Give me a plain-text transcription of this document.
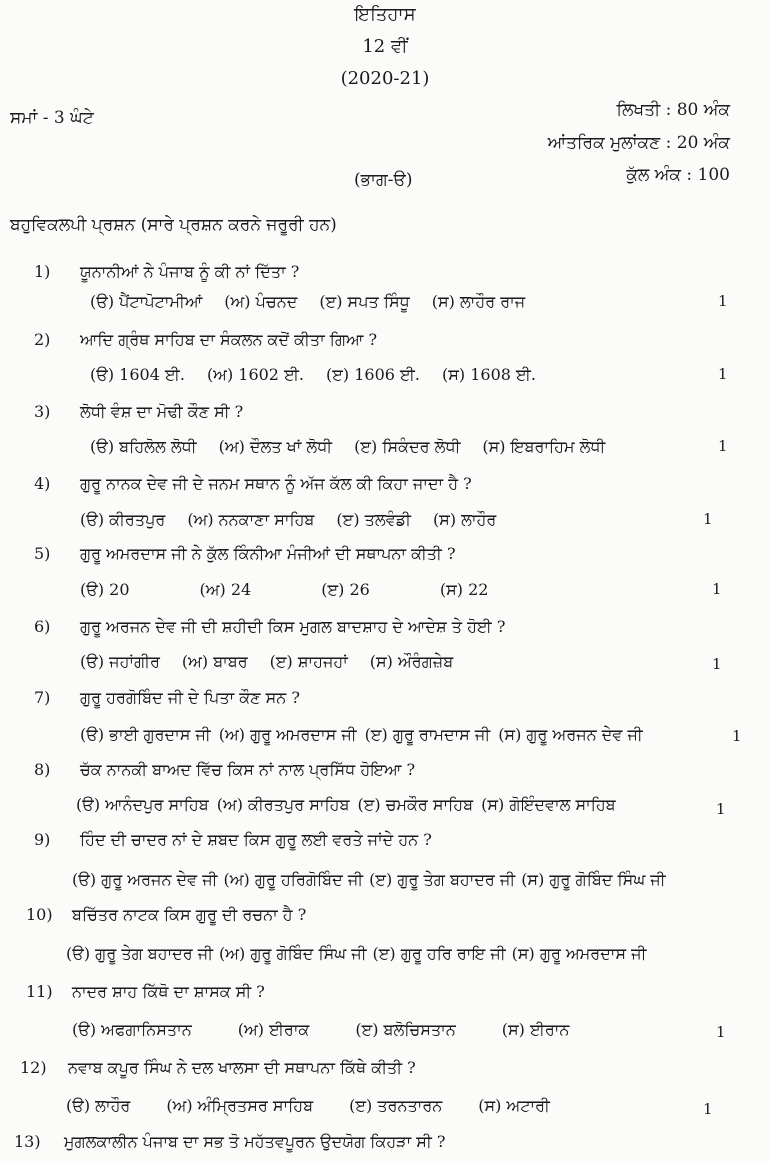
ਇਤਿਹਾਸ
12 ਵੀਂ
(2020-21)
ਸਮਾਂ - 3 ਘੰਟੇ	ਲਿਖਤੀ : 80 ਅੰਕ
ਆਂਤਰਿਕ ਮੁਲਾਂਕਣ : 20 ਅੰਕ
(ਭਾਗ-ੳ)	ਕੁੱਲ ਅੰਕ : 100
ਬਹੁਵਿਕਲਪੀ ਪ੍ਰਸ਼ਨ (ਸਾਰੇ ਪ੍ਰਸ਼ਨ ਕਰਨੇ ਜਰੂਰੀ ਹਨ)
1)	ਯੂਨਾਨੀਆਂ ਨੇ ਪੰਜਾਬ ਨੂੰ ਕੀ ਨਾਂ ਦਿੱਤਾ ?
(ੳ) ਪੈਂਟਾਪੋਟਾਮੀਆਂ (ਅ) ਪੰਚਨਦ (ੲ) ਸਪਤ ਸਿੰਧੂ (ਸ) ਲਾਹੌਰ ਰਾਜ	1
2)	ਆਦਿ ਗ੍ਰੰਥ ਸਾਹਿਬ ਦਾ ਸੰਕਲਨ ਕਦੋਂ ਕੀਤਾ ਗਿਆ ?
(ੳ) 1604 ਈ. (ਅ) 1602 ਈ. (ੲ) 1606 ਈ. (ਸ) 1608 ਈ.	1
3)	ਲੋਧੀ ਵੰਸ਼ ਦਾ ਮੋਢੀ ਕੌਣ ਸੀ ?
(ੳ) ਬਹਿਲੋਲ ਲੋਧੀ (ਅ) ਦੌਲਤ ਖਾਂ ਲੋਧੀ (ੲ) ਸਿਕੰਦਰ ਲੋਧੀ (ਸ) ਇਬਰਾਹਿਮ ਲੋਧੀ	1
4)	ਗੁਰੂ ਨਾਨਕ ਦੇਵ ਜੀ ਦੇ ਜਨਮ ਸਥਾਨ ਨੂੰ ਅੱਜ ਕੱਲ ਕੀ ਕਿਹਾ ਜਾਦਾ ਹੈ ?
(ੳ) ਕੀਰਤਪੁਰ (ਅ) ਨਨਕਾਣਾ ਸਾਹਿਬ (ੲ) ਤਲਵੰਡੀ (ਸ) ਲਾਹੌਰ	1
5)	ਗੁਰੂ ਅਮਰਦਾਸ ਜੀ ਨੇ ਕੁੱਲ ਕਿੰਨੀਆ ਮੰਜੀਆਂ ਦੀ ਸਥਾਪਨਾ ਕੀਤੀ ?
(ੳ) 20	(ਅ) 24	(ੲ) 26	(ਸ) 22	1
6)	ਗੁਰੂ ਅਰਜਨ ਦੇਵ ਜੀ ਦੀ ਸ਼ਹੀਦੀ ਕਿਸ ਮੁਗਲ ਬਾਦਸ਼ਾਹ ਦੇ ਆਦੇਸ਼ ਤੇ ਹੋਈ ?
(ੳ) ਜਹਾਂਗੀਰ (ਅ) ਬਾਬਰ (ੲ) ਸ਼ਾਹਜਹਾਂ (ਸ) ਔਰੰਗਜ਼ੇਬ	1
7)	ਗੁਰੂ ਹਰਗੋਬਿੰਦ ਜੀ ਦੇ ਪਿਤਾ ਕੌਣ ਸਨ ?
(ੳ) ਭਾਈ ਗੁਰਦਾਸ ਜੀ (ਅ) ਗੁਰੂ ਅਮਰਦਾਸ ਜੀ (ੲ) ਗੁਰੂ ਰਾਮਦਾਸ ਜੀ (ਸ) ਗੁਰੂ ਅਰਜਨ ਦੇਵ ਜੀ	1
8)	ਚੱਕ ਨਾਨਕੀ ਬਾਅਦ ਵਿੱਚ ਕਿਸ ਨਾਂ ਨਾਲ ਪ੍ਰਸਿੱਧ ਹੋਇਆ ?
(ੳ) ਆਨੰਦਪੁਰ ਸਾਹਿਬ (ਅ) ਕੀਰਤਪੁਰ ਸਾਹਿਬ (ੲ) ਚਮਕੌਰ ਸਾਹਿਬ (ਸ) ਗੋਇੰਦਵਾਲ ਸਾਹਿਬ	1
9)	ਹਿੰਦ ਦੀ ਚਾਦਰ ਨਾਂ ਦੇ ਸ਼ਬਦ ਕਿਸ ਗੁਰੂ ਲਈ ਵਰਤੇ ਜਾਂਦੇ ਹਨ ?
(ੳ) ਗੁਰੂ ਅਰਜਨ ਦੇਵ ਜੀ (ਅ) ਗੁਰੂ ਹਰਿਗੋਬਿੰਦ ਜੀ (ੲ) ਗੁਰੂ ਤੇਗ ਬਹਾਦਰ ਜੀ (ਸ) ਗੁਰੂ ਗੋਬਿੰਦ ਸਿੰਘ ਜੀ
10)	ਬਚਿੱਤਰ ਨਾਟਕ ਕਿਸ ਗੁਰੂ ਦੀ ਰਚਨਾ ਹੈ ?
(ੳ) ਗੁਰੂ ਤੇਗ ਬਹਾਦਰ ਜੀ (ਅ) ਗੁਰੂ ਗੋਬਿੰਦ ਸਿੰਘ ਜੀ (ੲ) ਗੁਰੂ ਹਰਿ ਰਾਇ ਜੀ (ਸ) ਗੁਰੂ ਅਮਰਦਾਸ ਜੀ
11)	ਨਾਦਰ ਸ਼ਾਹ ਕਿੱਥੋ ਦਾ ਸ਼ਾਸਕ ਸੀ ?
(ੳ) ਅਫਗਾਨਿਸਤਾਨ	(ਅ) ਈਰਾਕ	(ੲ) ਬਲੋਚਿਸਤਾਨ	(ਸ) ਈਰਾਨ	1
12)	ਨਵਾਬ ਕਪੂਰ ਸਿੰਘ ਨੇ ਦਲ ਖਾਲਸਾ ਦੀ ਸਥਾਪਨਾ ਕਿੱਥੇ ਕੀਤੀ ?
(ੳ) ਲਾਹੌਰ (ਅ) ਅੰਮ੍ਰਿਤਸਰ ਸਾਹਿਬ (ੲ) ਤਰਨਤਾਰਨ (ਸ) ਅਟਾਰੀ	1
13)	ਮੁਗਲਕਾਲੀਨ ਪੰਜਾਬ ਦਾ ਸਭ ਤੋ ਮਹੱਤਵਪੂਰਨ ਉਦਯੋਗ ਕਿਹੜਾ ਸੀ ?
